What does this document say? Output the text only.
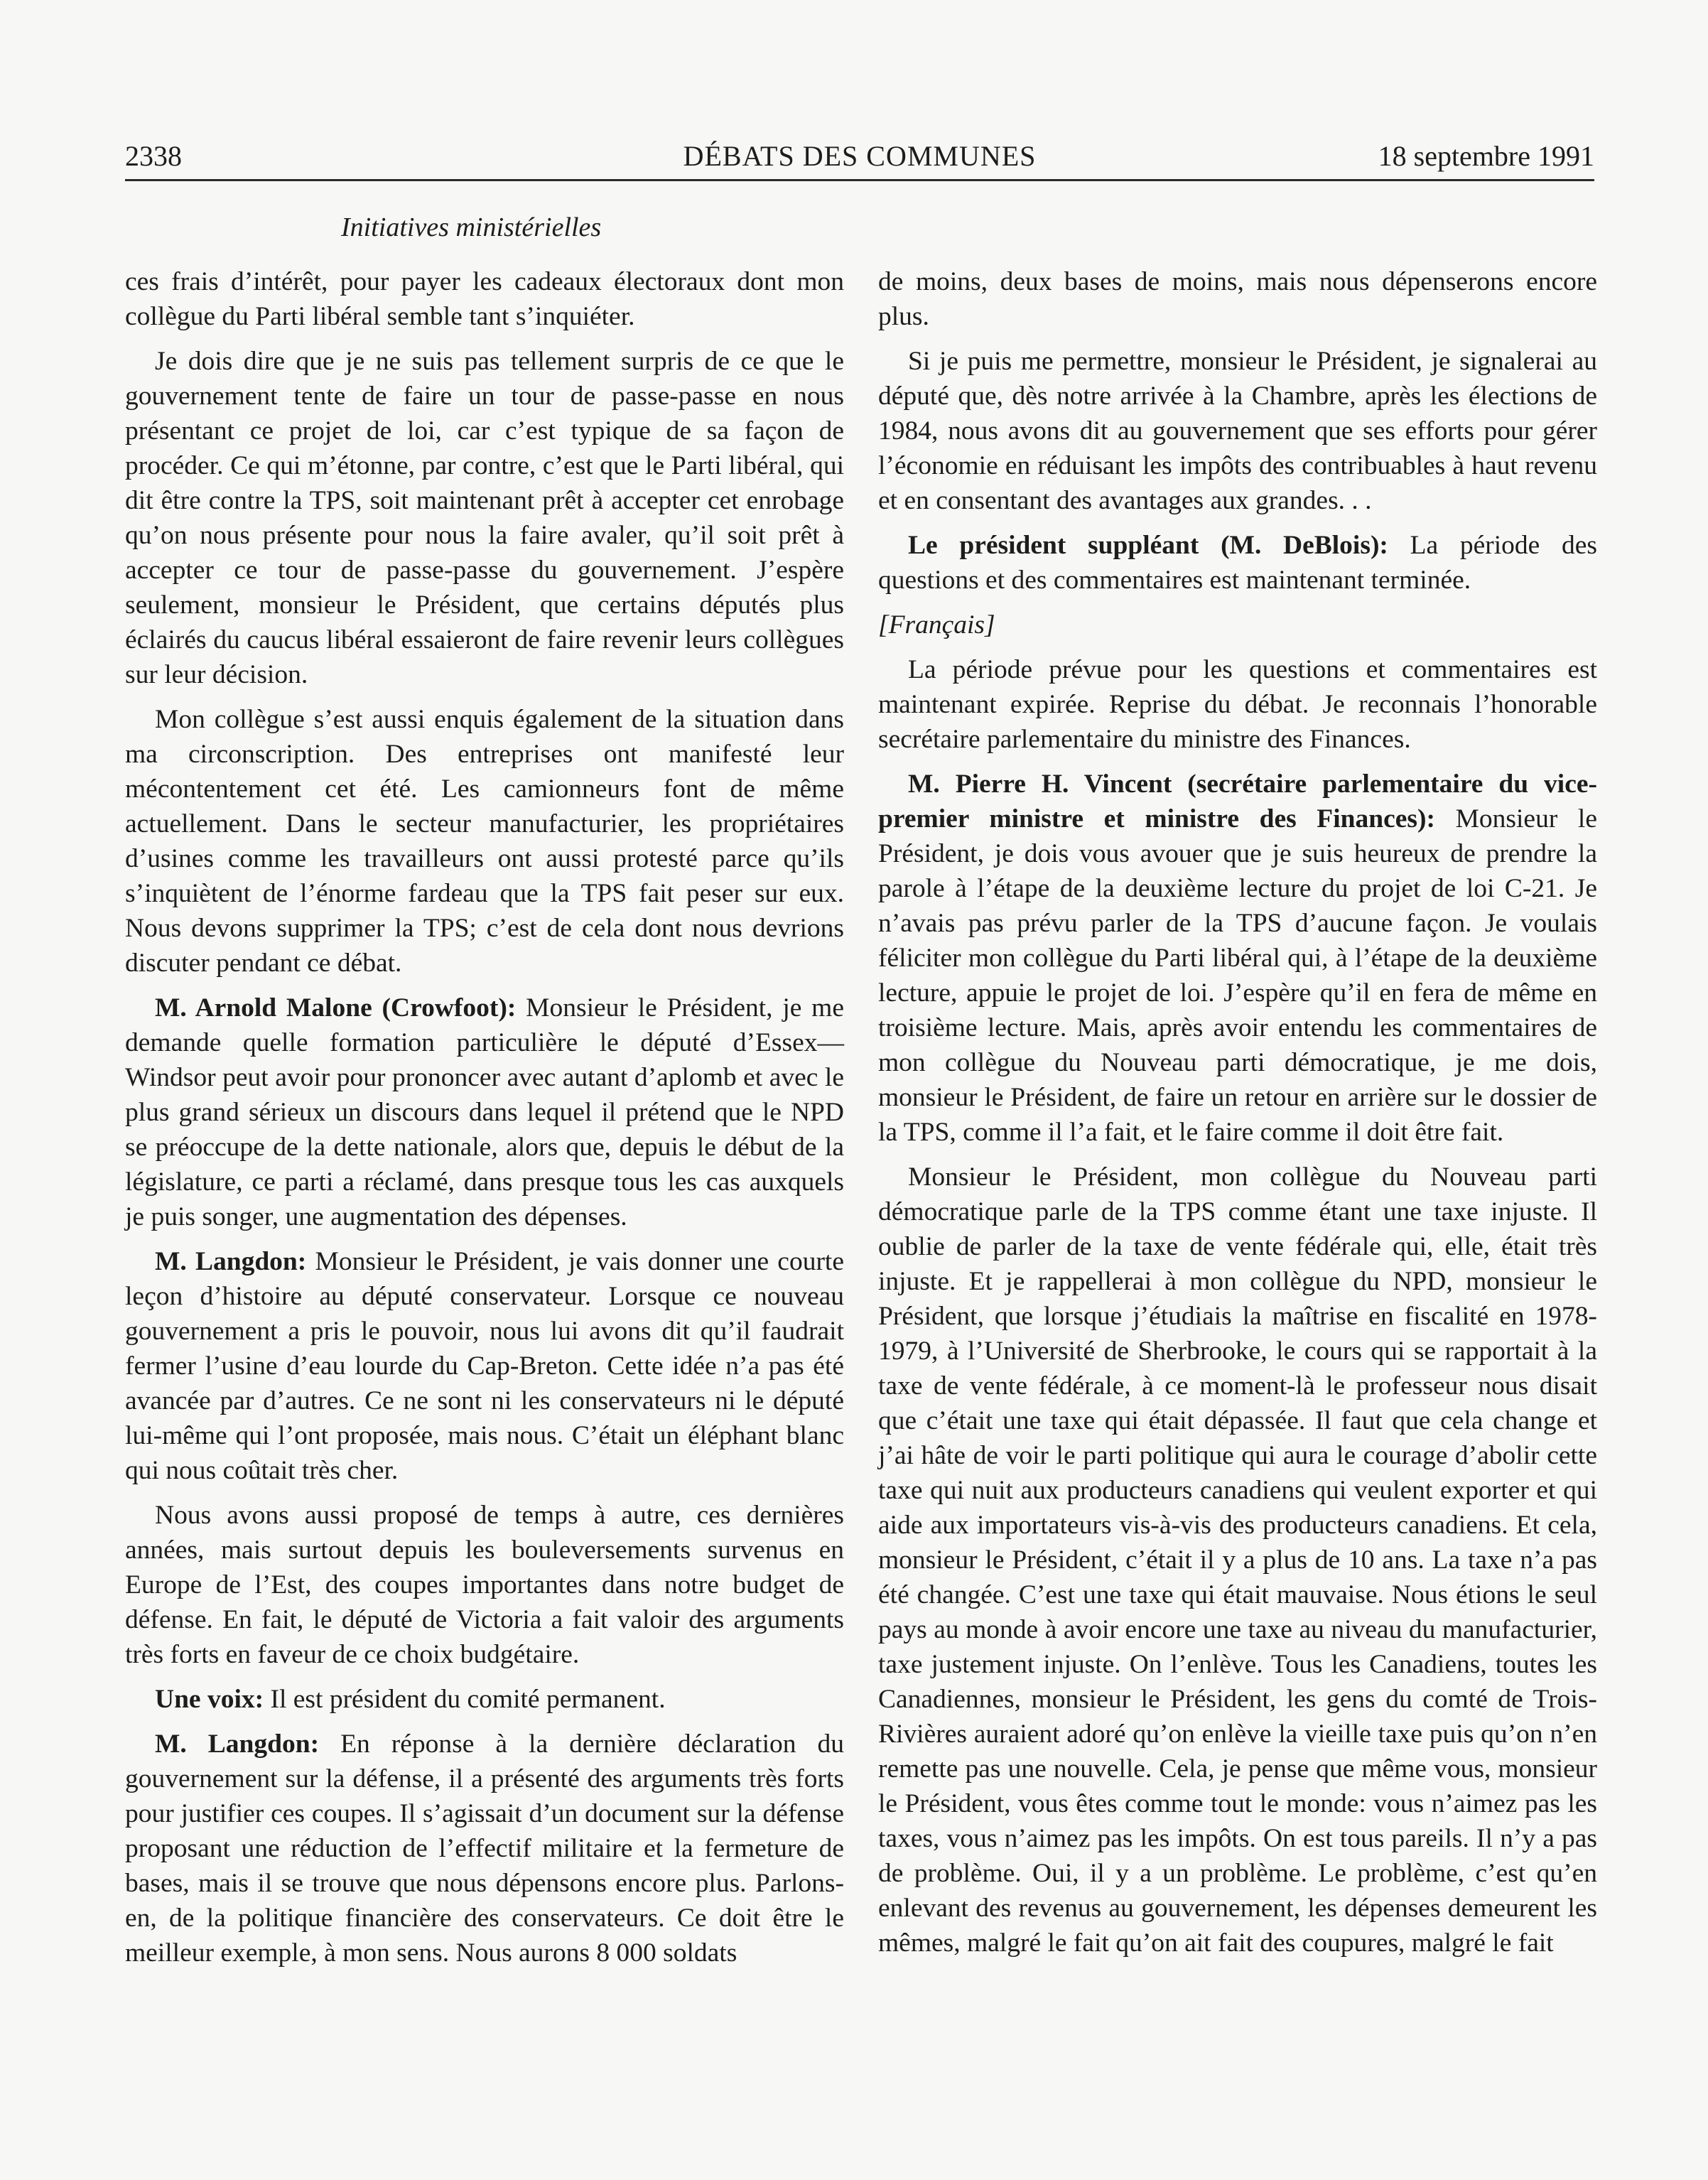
2338	DÉBATS DES COMMUNES	18 septembre 1991
Initiatives ministérielles

ces frais d’intérêt, pour payer les cadeaux électoraux dont mon collègue du Parti libéral semble tant s’inquiéter.

Je dois dire que je ne suis pas tellement surpris de ce que le gouvernement tente de faire un tour de passe-passe en nous présentant ce projet de loi, car c’est typique de sa façon de procéder. Ce qui m’étonne, par contre, c’est que le Parti libéral, qui dit être contre la TPS, soit maintenant prêt à accepter cet enrobage qu’on nous présente pour nous la faire avaler, qu’il soit prêt à accepter ce tour de passe-passe du gouvernement. J’espère seulement, monsieur le Président, que certains députés plus éclairés du caucus libéral essaieront de faire revenir leurs collègues sur leur décision.

Mon collègue s’est aussi enquis également de la situation dans ma circonscription. Des entreprises ont manifesté leur mécontentement cet été. Les camionneurs font de même actuellement. Dans le secteur manufacturier, les propriétaires d’usines comme les travailleurs ont aussi protesté parce qu’ils s’inquiètent de l’énorme fardeau que la TPS fait peser sur eux. Nous devons supprimer la TPS; c’est de cela dont nous devrions discuter pendant ce débat.

M. Arnold Malone (Crowfoot): Monsieur le Président, je me demande quelle formation particulière le député d’Essex—Windsor peut avoir pour prononcer avec autant d’aplomb et avec le plus grand sérieux un discours dans lequel il prétend que le NPD se préoccupe de la dette nationale, alors que, depuis le début de la législature, ce parti a réclamé, dans presque tous les cas auxquels je puis songer, une augmentation des dépenses.

M. Langdon: Monsieur le Président, je vais donner une courte leçon d’histoire au député conservateur. Lorsque ce nouveau gouvernement a pris le pouvoir, nous lui avons dit qu’il faudrait fermer l’usine d’eau lourde du Cap-Breton. Cette idée n’a pas été avancée par d’autres. Ce ne sont ni les conservateurs ni le député lui-même qui l’ont proposée, mais nous. C’était un éléphant blanc qui nous coûtait très cher.

Nous avons aussi proposé de temps à autre, ces dernières années, mais surtout depuis les bouleversements survenus en Europe de l’Est, des coupes importantes dans notre budget de défense. En fait, le député de Victoria a fait valoir des arguments très forts en faveur de ce choix budgétaire.

Une voix: Il est président du comité permanent.

M. Langdon: En réponse à la dernière déclaration du gouvernement sur la défense, il a présenté des arguments très forts pour justifier ces coupes. Il s’agissait d’un document sur la défense proposant une réduction de l’effectif militaire et la fermeture de bases, mais il se trouve que nous dépensons encore plus. Parlons-en, de la politique financière des conservateurs. Ce doit être le meilleur exemple, à mon sens. Nous aurons 8 000 soldats

de moins, deux bases de moins, mais nous dépenserons encore plus.

Si je puis me permettre, monsieur le Président, je signalerai au député que, dès notre arrivée à la Chambre, après les élections de 1984, nous avons dit au gouvernement que ses efforts pour gérer l’économie en réduisant les impôts des contribuables à haut revenu et en consentant des avantages aux grandes. . .

Le président suppléant (M. DeBlois): La période des questions et des commentaires est maintenant terminée.

[Français]

La période prévue pour les questions et commentaires est maintenant expirée. Reprise du débat. Je reconnais l’honorable secrétaire parlementaire du ministre des Finances.

M. Pierre H. Vincent (secrétaire parlementaire du vice-premier ministre et ministre des Finances): Monsieur le Président, je dois vous avouer que je suis heureux de prendre la parole à l’étape de la deuxième lecture du projet de loi C-21. Je n’avais pas prévu parler de la TPS d’aucune façon. Je voulais féliciter mon collègue du Parti libéral qui, à l’étape de la deuxième lecture, appuie le projet de loi. J’espère qu’il en fera de même en troisième lecture. Mais, après avoir entendu les commentaires de mon collègue du Nouveau parti démocratique, je me dois, monsieur le Président, de faire un retour en arrière sur le dossier de la TPS, comme il l’a fait, et le faire comme il doit être fait.

Monsieur le Président, mon collègue du Nouveau parti démocratique parle de la TPS comme étant une taxe injuste. Il oublie de parler de la taxe de vente fédérale qui, elle, était très injuste. Et je rappellerai à mon collègue du NPD, monsieur le Président, que lorsque j’étudiais la maîtrise en fiscalité en 1978-1979, à l’Université de Sherbrooke, le cours qui se rapportait à la taxe de vente fédérale, à ce moment-là le professeur nous disait que c’était une taxe qui était dépassée. Il faut que cela change et j’ai hâte de voir le parti politique qui aura le courage d’abolir cette taxe qui nuit aux producteurs canadiens qui veulent exporter et qui aide aux importateurs vis-à-vis des producteurs canadiens. Et cela, monsieur le Président, c’était il y a plus de 10 ans. La taxe n’a pas été changée. C’est une taxe qui était mauvaise. Nous étions le seul pays au monde à avoir encore une taxe au niveau du manufacturier, taxe justement injuste. On l’enlève. Tous les Canadiens, toutes les Canadiennes, monsieur le Président, les gens du comté de Trois-Rivières auraient adoré qu’on enlève la vieille taxe puis qu’on n’en remette pas une nouvelle. Cela, je pense que même vous, monsieur le Président, vous êtes comme tout le monde: vous n’aimez pas les taxes, vous n’aimez pas les impôts. On est tous pareils. Il n’y a pas de problème. Oui, il y a un problème. Le problème, c’est qu’en enlevant des revenus au gouvernement, les dépenses demeurent les mêmes, malgré le fait qu’on ait fait des coupures, malgré le fait
